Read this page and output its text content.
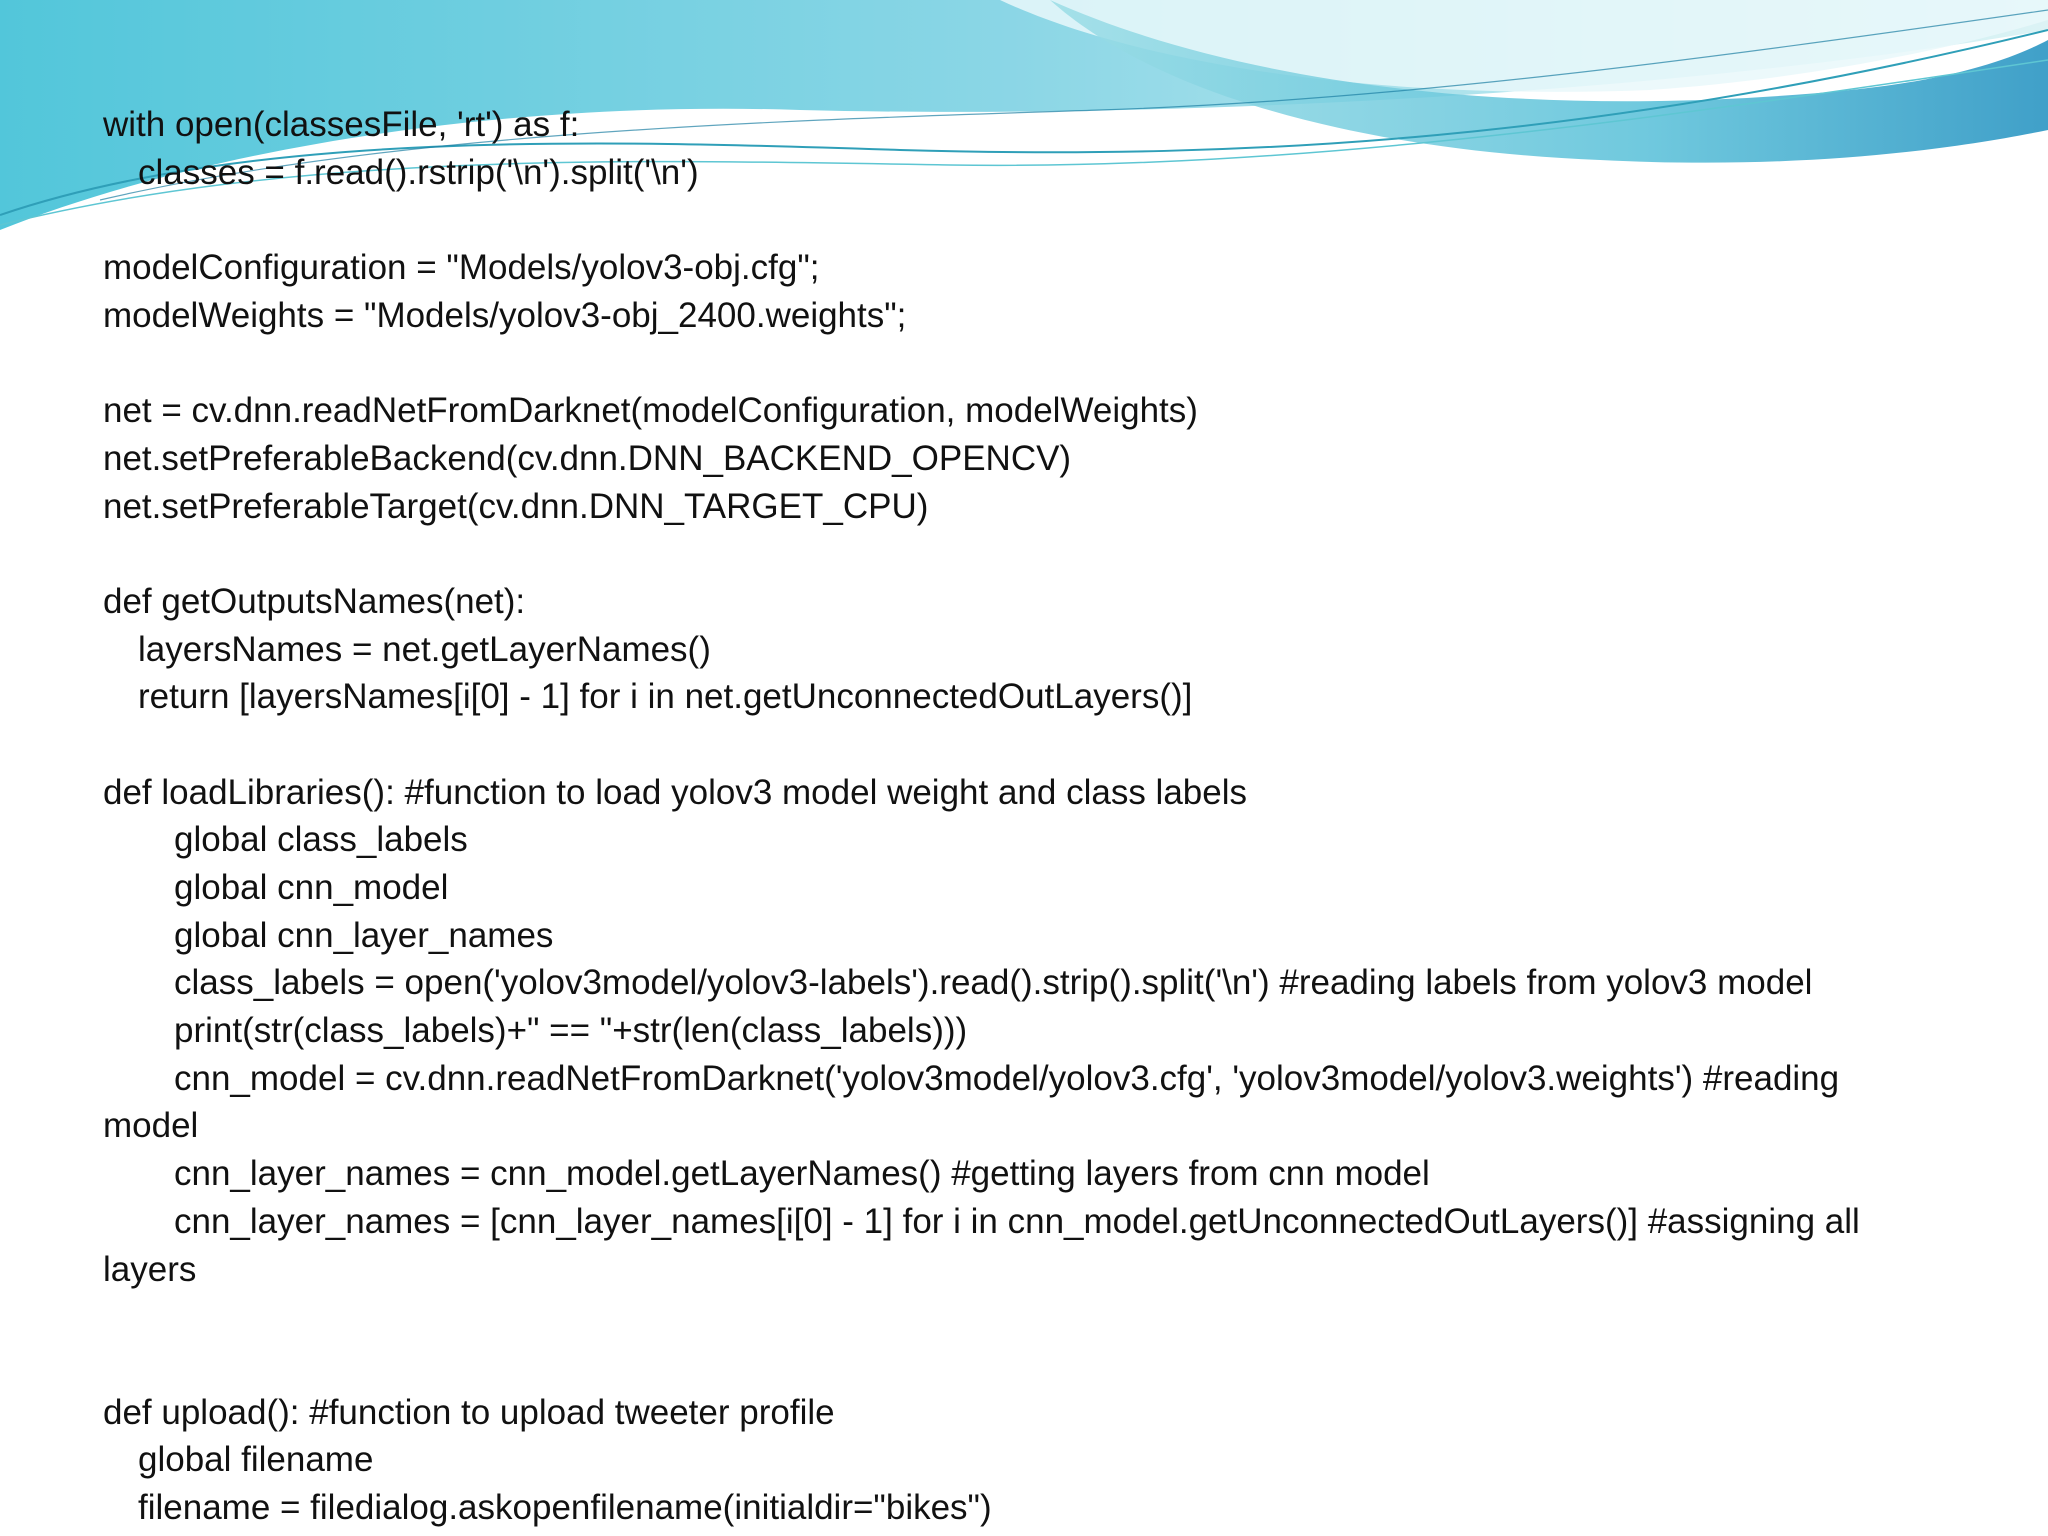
with open(classesFile, 'rt') as f:
classes = f.read().rstrip('\n').split('\n')
modelConfiguration = "Models/yolov3-obj.cfg";
modelWeights = "Models/yolov3-obj_2400.weights";
net = cv.dnn.readNetFromDarknet(modelConfiguration, modelWeights)
net.setPreferableBackend(cv.dnn.DNN_BACKEND_OPENCV)
net.setPreferableTarget(cv.dnn.DNN_TARGET_CPU)
def getOutputsNames(net):
layersNames = net.getLayerNames()
return [layersNames[i[0] - 1] for i in net.getUnconnectedOutLayers()]
def loadLibraries(): #function to load yolov3 model weight and class labels
global class_labels
global cnn_model
global cnn_layer_names
class_labels = open('yolov3model/yolov3-labels').read().strip().split('\n') #reading labels from yolov3 model
print(str(class_labels)+" == "+str(len(class_labels)))
cnn_model = cv.dnn.readNetFromDarknet('yolov3model/yolov3.cfg', 'yolov3model/yolov3.weights') #reading
model
cnn_layer_names = cnn_model.getLayerNames() #getting layers from cnn model
cnn_layer_names = [cnn_layer_names[i[0] - 1] for i in cnn_model.getUnconnectedOutLayers()] #assigning all
layers
def upload(): #function to upload tweeter profile
global filename
filename = filedialog.askopenfilename(initialdir="bikes")
